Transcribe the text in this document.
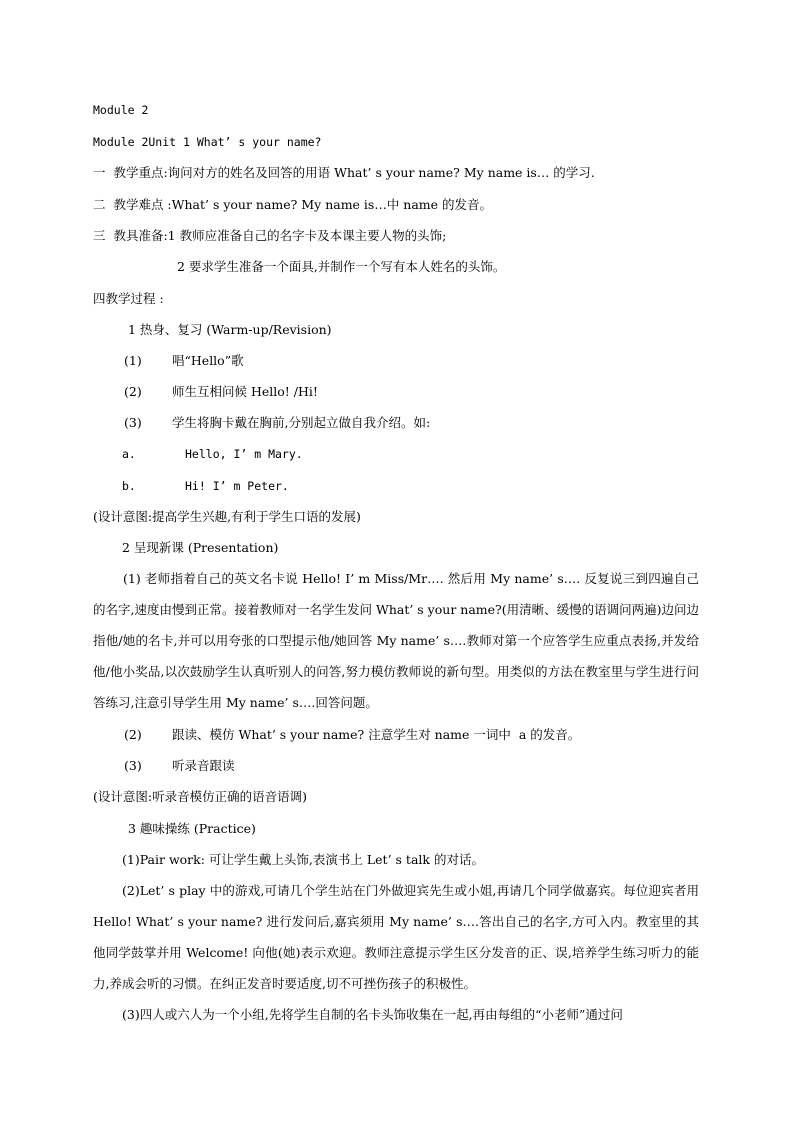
Module 2
Module 2Unit 1 What’ s your name?
一  教学重点:询问对方的姓名及回答的用语 What’ s your name? My name is… 的学习.
二  教学难点 :What’ s your name? My name is…中 name 的发音。
三  教具准备:1 教师应准备自己的名字卡及本课主要人物的头饰;
2 要求学生准备一个面具,并制作一个写有本人姓名的头饰。
四教学过程 :
1 热身、复习 (Warm-up/Revision)
(1) 唱“Hello”歌
(2) 师生互相问候 Hello! /Hi!
(3) 学生将胸卡戴在胸前,分别起立做自我介绍。如:
a.	Hello, I’ m Mary.
b.	Hi! I’ m Peter.
(设计意图:提高学生兴趣,有利于学生口语的发展)
2 呈现新课 (Presentation)
(1) 老师指着自己的英文名卡说 Hello! I’ m Miss/Mr…. 然后用 My name’ s…. 反复说三到四遍自己的名字,速度由慢到正常。接着教师对一名学生发问 What’ s your name?(用清晰、缓慢的语调问两遍)边问边指他/她的名卡,并可以用夸张的口型提示他/她回答 My name’ s….教师对第一个应答学生应重点表扬,并发给他/他小奖品,以次鼓励学生认真听别人的问答,努力模仿教师说的新句型。用类似的方法在教室里与学生进行问答练习,注意引导学生用 My name’ s….回答问题。
(2) 跟读、模仿 What’ s your name? 注意学生对 name 一词中  a 的发音。
(3) 听录音跟读
(设计意图:听录音模仿正确的语音语调)
3 趣味操练 (Practice)
(1)Pair work: 可让学生戴上头饰,表演书上 Let’ s talk 的对话。
(2)Let’ s play 中的游戏,可请几个学生站在门外做迎宾先生或小姐,再请几个同学做嘉宾。每位迎宾者用 Hello! What’ s your name? 进行发问后,嘉宾须用 My name’ s….答出自己的名字,方可入内。教室里的其他同学鼓掌并用 Welcome! 向他(她)表示欢迎。教师注意提示学生区分发音的正、误,培养学生练习听力的能力,养成会听的习惯。在纠正发音时要适度,切不可挫伤孩子的积极性。
(3)四人或六人为一个小组,先将学生自制的名卡头饰收集在一起,再由每组的“小老师”通过问
